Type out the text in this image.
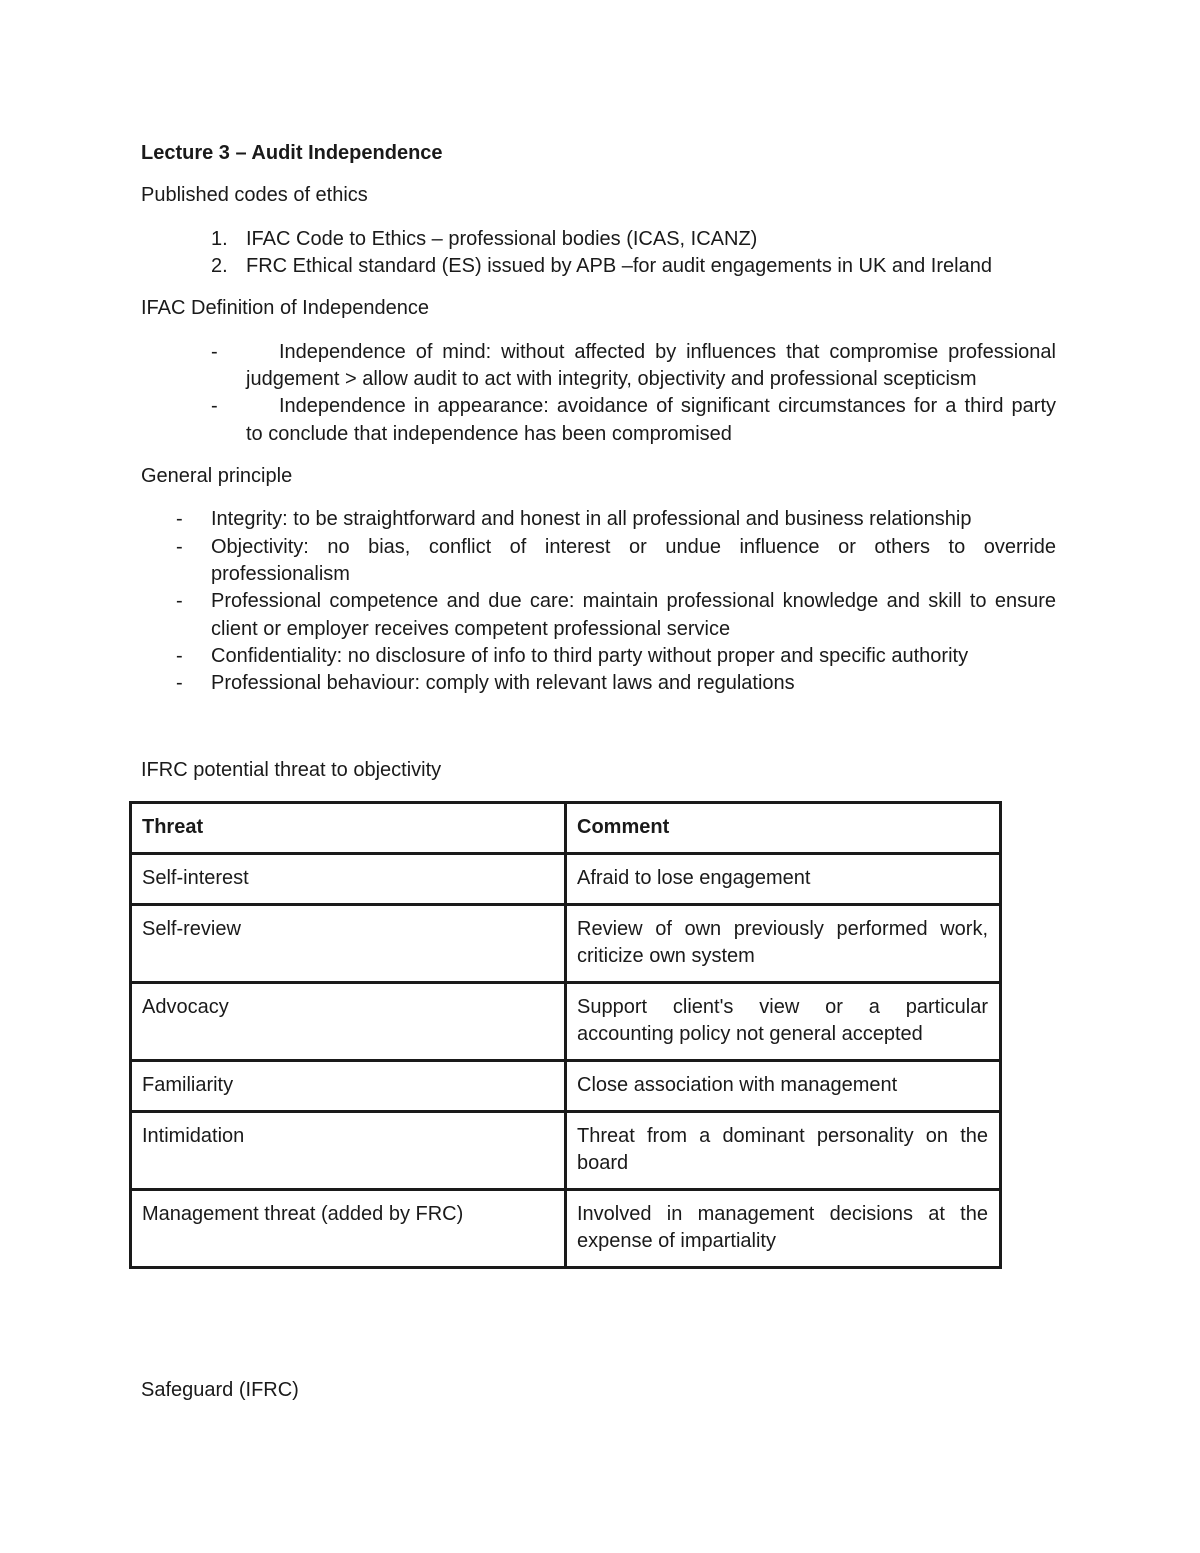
Lecture 3 – Audit Independence
Published codes of ethics
1. IFAC Code to Ethics – professional bodies (ICAS, ICANZ)
2. FRC Ethical standard (ES) issued by APB –for audit engagements in UK and Ireland
IFAC Definition of Independence
-	Independence of mind: without affected by influences that compromise professional
judgement > allow audit to act with integrity, objectivity and professional scepticism
-	Independence in appearance: avoidance of significant circumstances for a third party
to conclude that independence has been compromised
General principle
- Integrity: to be straightforward and honest in all professional and business relationship
- Objectivity: no bias, conflict of interest or undue influence or others to override
professionalism
- Professional competence and due care: maintain professional knowledge and skill to ensure
client or employer receives competent professional service
- Confidentiality: no disclosure of info to third party without proper and specific authority
- Professional behaviour: comply with relevant laws and regulations
IFRC potential threat to objectivity
Threat	Comment
Self-interest	Afraid to lose engagement
Self-review	Review of own previously performed work, criticize own system
Advocacy	Support client's view or a particular accounting policy not general accepted
Familiarity	Close association with management
Intimidation	Threat from a dominant personality on the board
Management threat (added by FRC)	Involved in management decisions at the expense of impartiality
Safeguard (IFRC)
